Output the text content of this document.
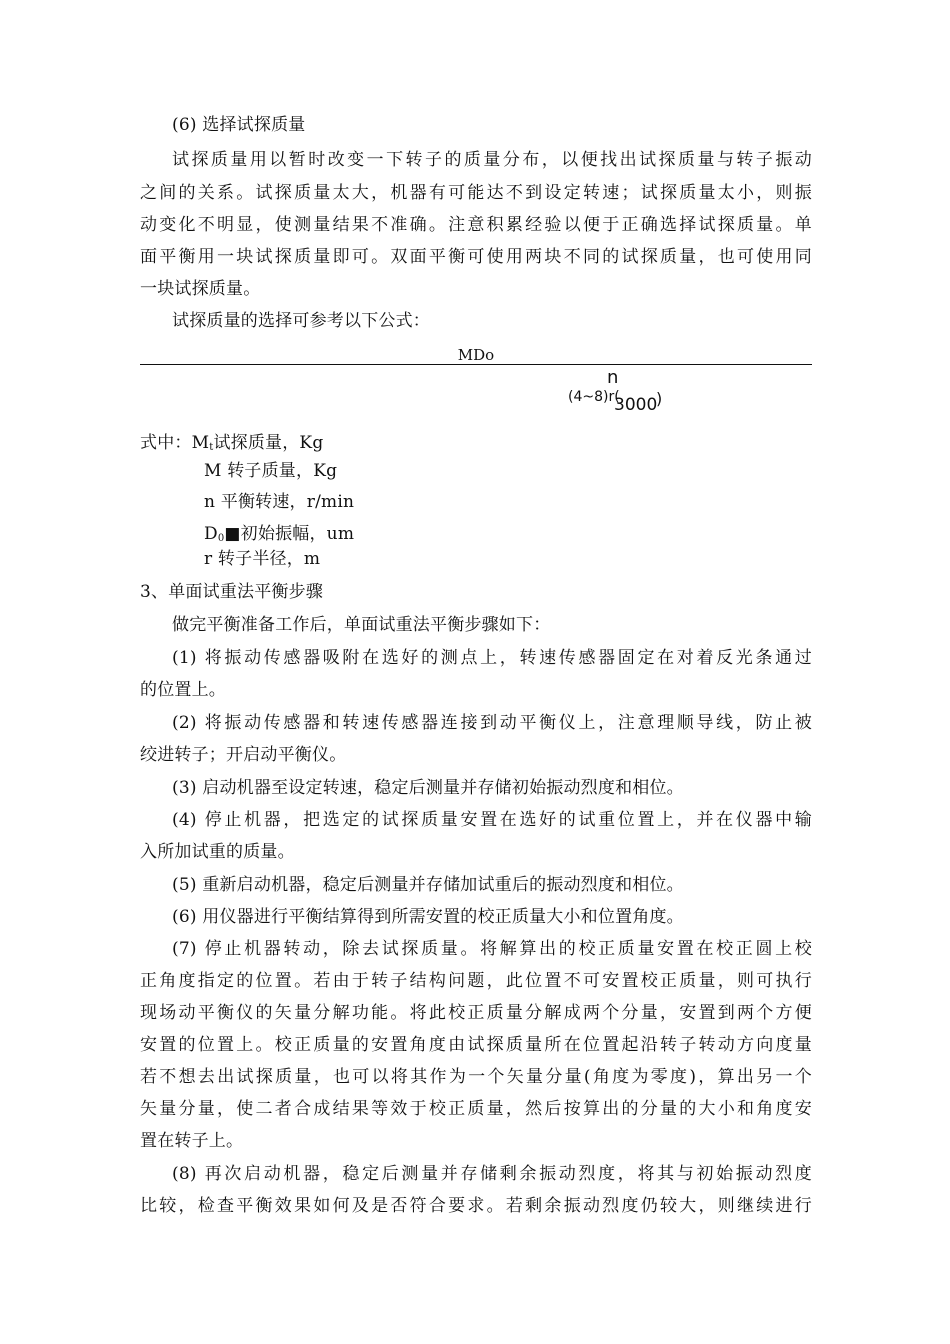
(6) 选择试探质量
试探质量用以暂时改变一下转子的质量分布，以便找出试探质量与转子振动
之间的关系。试探质量太大，机器有可能达不到设定转速；试探质量太小，则振
动变化不明显，使测量结果不准确。注意积累经验以便于正确选择试探质量。单
面平衡用一块试探质量即可。双面平衡可使用两块不同的试探质量，也可使用同
一块试探质量。
试探质量的选择可参考以下公式：
MDo
n
(4~8)r(
3000
)
式中：$M_t$试探质量，Kg
M 转子质量，Kg
n 平衡转速，r/min
$D_0■$初始振幅，um
r 转子半径，m
3、单面试重法平衡步骤
做完平衡准备工作后，单面试重法平衡步骤如下：
(1) 将振动传感器吸附在选好的测点上，转速传感器固定在对着反光条通过
的位置上。
(2) 将振动传感器和转速传感器连接到动平衡仪上，注意理顺导线，防止被
绞进转子；开启动平衡仪。
(3) 启动机器至设定转速，稳定后测量并存储初始振动烈度和相位。
(4) 停止机器，把选定的试探质量安置在选好的试重位置上，并在仪器中输
入所加试重的质量。
(5) 重新启动机器，稳定后测量并存储加试重后的振动烈度和相位。
(6) 用仪器进行平衡结算得到所需安置的校正质量大小和位置角度。
(7) 停止机器转动，除去试探质量。将解算出的校正质量安置在校正圆上校
正角度指定的位置。若由于转子结构问题，此位置不可安置校正质量，则可执行
现场动平衡仪的矢量分解功能。将此校正质量分解成两个分量，安置到两个方便
安置的位置上。校正质量的安置角度由试探质量所在位置起沿转子转动方向度量
若不想去出试探质量，也可以将其作为一个矢量分量(角度为零度)，算出另一个
矢量分量，使二者合成结果等效于校正质量，然后按算出的分量的大小和角度安
置在转子上。
(8) 再次启动机器，稳定后测量并存储剩余振动烈度，将其与初始振动烈度
比较，检查平衡效果如何及是否符合要求。若剩余振动烈度仍较大，则继续进行
